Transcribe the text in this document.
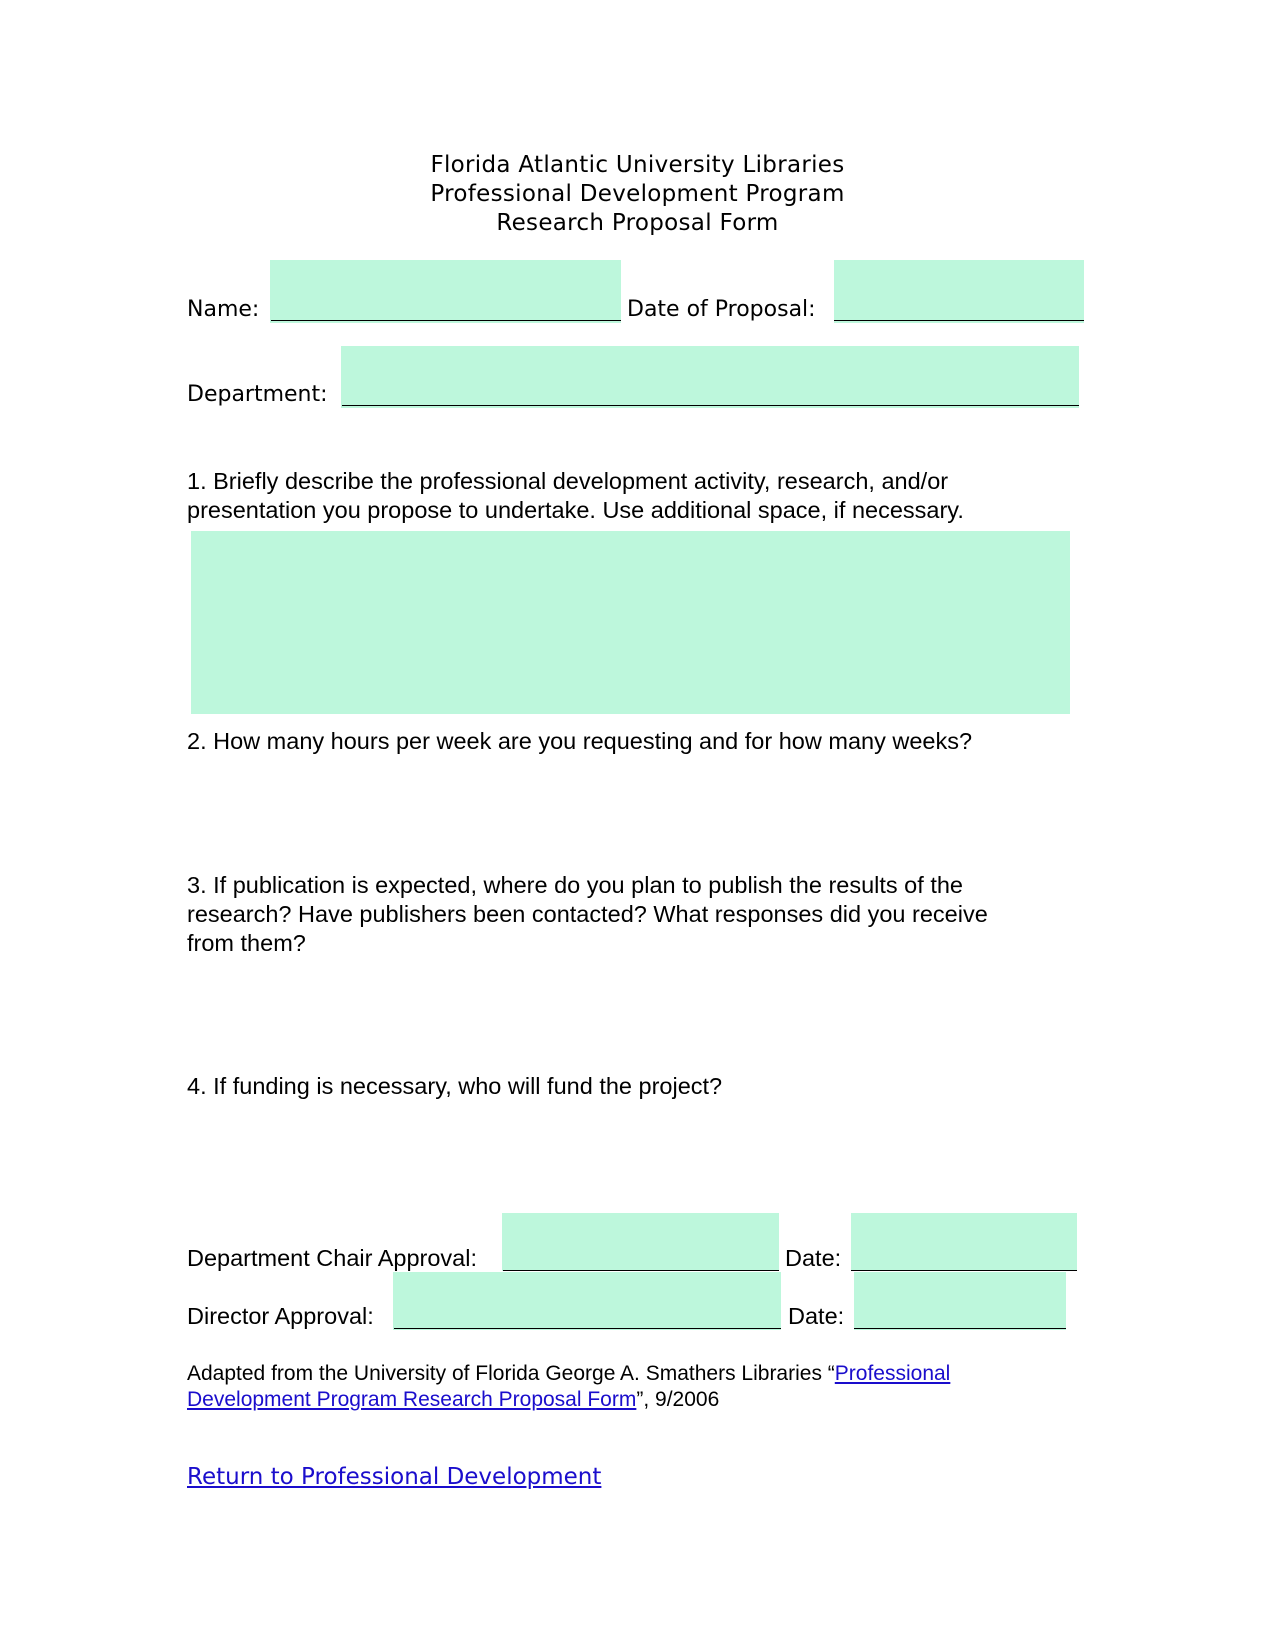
Florida Atlantic University Libraries
Professional Development Program
Research Proposal Form
Name:	Date of Proposal:
Department:
1. Briefly describe the professional development activity, research, and/or
presentation you propose to undertake. Use additional space, if necessary.
2. How many hours per week are you requesting and for how many weeks?
3. If publication is expected, where do you plan to publish the results of the
research? Have publishers been contacted? What responses did you receive
from them?
4. If funding is necessary, who will fund the project?
Department Chair Approval:	Date:
Director Approval:	Date:
Adapted from the University of Florida George A. Smathers Libraries “Professional
Development Program Research Proposal Form”, 9/2006
Return to Professional Development
